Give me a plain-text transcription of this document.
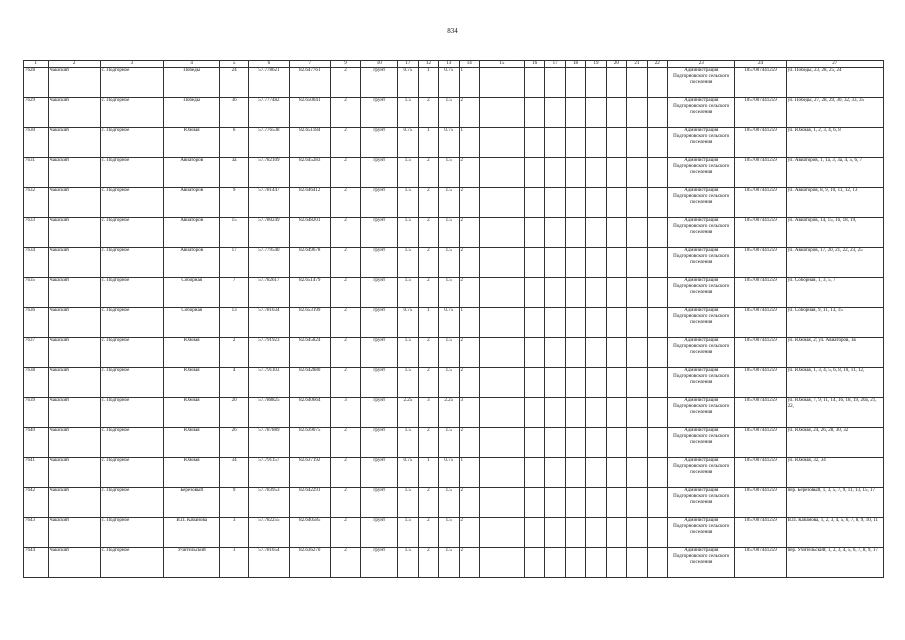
834
1	2	3	4	5	6	7	9	10	17	12	13	14	15	16	17	18	19	20	21	22	23	24	27
7628	Чашский	с. Подгорное	Победы	24	57.778621	82.647761	2	грунт	0.75	1	0.75	1									Администрация Подгорновского сельского поселения	1057007441259	ул. Победы, 23, 28, 25, 24
7629	Чашский	с. Подгорное	Победы	36	57.777482	82.650041	2	грунт	1.5	2	1.5	2									Администрация Подгорновского сельского поселения	1057007441259	ул. Победы, 27, 28, 29, 30, 32, 33, 35
7630	Чашский	с. Подгорное	Южная	6	57.776538	82.651184	2	грунт	0.75	1	0.75	1									Администрация Подгорновского сельского поселения	1057007441259	ул. Южная, 1, 2, 3, 4, 6, 8
7631	Чашский	с. Подгорное	Авиаторов	3а	57.782109	82.645283	2	грунт	1.5	2	1.5	2									Администрация Подгорновского сельского поселения	1057007441259	ул. Авиаторов, 1, 1а, 3, 3а, 4, 5, 6, 7
7632	Чашский	с. Подгорное	Авиаторов	9	57.781447	82.646412	2	грунт	1.5	2	1.5	2									Администрация Подгорновского сельского поселения	1057007441259	ул. Авиаторов, 8, 9, 10, 11, 12, 13
7633	Чашский	с. Подгорное	Авиаторов	15	57.780249	82.648201	2	грунт	1.5	2	1.5	2									Администрация Подгорновского сельского поселения	1057007441259	ул. Авиаторов, 14, 15, 16, 18, 19,
7634	Чашский	с. Подгорное	Авиаторов	17	57.779540	82.649678	2	грунт	1.5	2	1.5	2									Администрация Подгорновского сельского поселения	1057007441259	ул. Авиаторов, 17, 20, 21, 22, 23, 25
7635	Чашский	с. Подгорное	Соборная	7	57.782617	82.651479	2	грунт	1.5	2	1.5	2									Администрация Подгорновского сельского поселения	1057007441259	ул. Соборная, 1, 3, 5, 7
7636	Чашский	с. Подгорное	Соборная	13	57.781634	82.653199	2	грунт	0.75	1	0.75	1									Администрация Подгорновского сельского поселения	1057007441259	ул. Соборная, 9, 11, 13, 15
7637	Чашский	с. Подгорное	Южная	2	57.791923	82.645824	2	грунт	1.5	2	1.5	2									Администрация Подгорновского сельского поселения	1057007441259	ул. Южная, 2; ул. Авиаторов, 1в
7638	Чашский	с. Подгорное	Южная	4	57.791103	82.642880	2	грунт	1.5	2	1.5	2									Администрация Подгорновского сельского поселения	1057007441259	ул. Южная, 1, 3, 4, 5, 6, 8, 10, 11, 12,
7639	Чашский	с. Подгорное	Южная	20	57.788825	82.640664	3	грунт	2.25	3	2.25	3									Администрация Подгорновского сельского поселения	1057007441259	ул. Южная, 7, 9, 11, 14, 16, 18, 19, 20а, 21, 22,
7640	Чашский	с. Подгорное	Южная	26	57.787889	82.639075	2	грунт	1.5	2	1.5	2									Администрация Подгорновского сельского поселения	1057007441259	ул. Южная, 24, 26, 28, 30, 32
7641	Чашский	с. Подгорное	Южная	34	57.791157	82.637192	2	грунт	0.75	1	0.75	1									Администрация Подгорновского сельского поселения	1057007441259	ул. Южная, 32, 34
7642	Чашский	с. Подгорное	Березовый	9	57.783953	82.642291	2	грунт	1.5	2	1.5	2									Администрация Подгорновского сельского поселения	1057007441259	пер. Березовый, 1, 3, 5, 7, 9, 11, 13, 15, 17
7643	Чашский	с. Подгорное	В.П. Кабанова	3	57.782255	82.640585	2	грунт	1.5	2	1.5	2									Администрация Подгорновского сельского поселения	1057007441259	В.П. Кабанова, 1, 2, 3, 4, 5, 6, 7, 8, 9, 10, 11
7644	Чашский	с. Подгорное	Учительский	1	57.781654	82.636270	2	грунт	1.5	2	1.5	2									Администрация Подгорновского сельского поселения	1057007441259	пер. Учительский, 1, 2, 3, 4, 5, 6, 7, 8, 9, 17
